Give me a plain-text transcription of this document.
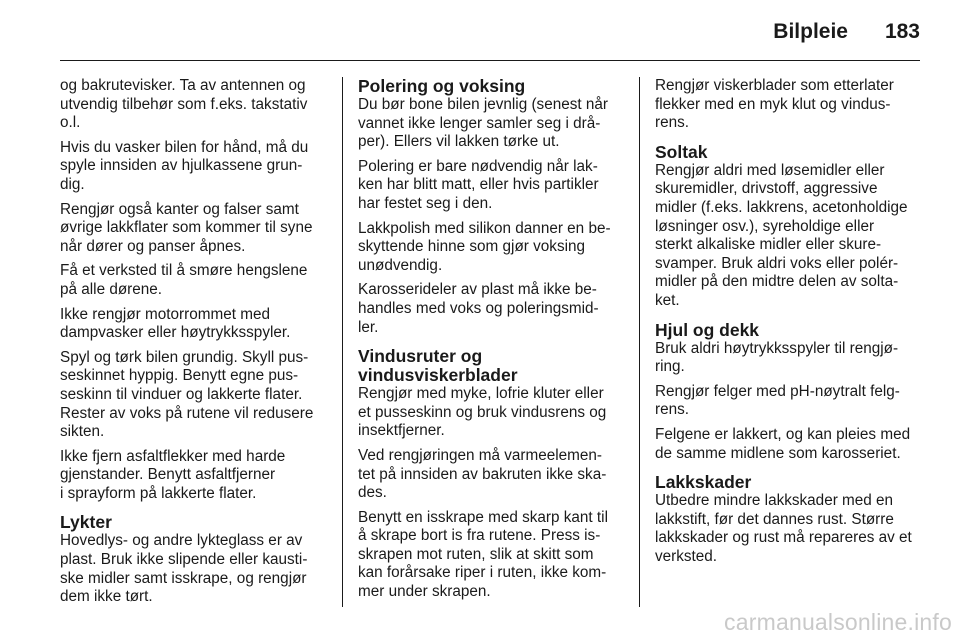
Bilpleie 183
og bakrutevisker. Ta av antennen og
utvendig tilbehør som f.eks. takstativ
o.l.
Hvis du vasker bilen for hånd, må du
spyle innsiden av hjulkassene grun-
dig.
Rengjør også kanter og falser samt
øvrige lakkflater som kommer til syne
når dører og panser åpnes.
Få et verksted til å smøre hengslene
på alle dørene.
Ikke rengjør motorrommet med
dampvasker eller høytrykksspyler.
Spyl og tørk bilen grundig. Skyll pus-
seskinnet hyppig. Benytt egne pus-
seskinn til vinduer og lakkerte flater.
Rester av voks på rutene vil redusere
sikten.
Ikke fjern asfaltflekker med harde
gjenstander. Benytt asfaltfjerner
i sprayform på lakkerte flater.
Lykter
Hovedlys- og andre lykteglass er av
plast. Bruk ikke slipende eller kausti-
ske midler samt isskrape, og rengjør
dem ikke tørt.
Polering og voksing
Du bør bone bilen jevnlig (senest når
vannet ikke lenger samler seg i drå-
per). Ellers vil lakken tørke ut.
Polering er bare nødvendig når lak-
ken har blitt matt, eller hvis partikler
har festet seg i den.
Lakkpolish med silikon danner en be-
skyttende hinne som gjør voksing
unødvendig.
Karosserideler av plast må ikke be-
handles med voks og poleringsmid-
ler.
Vindusruter og
vindusviskerblader
Rengjør med myke, lofrie kluter eller
et pusseskinn og bruk vindusrens og
insektfjerner.
Ved rengjøringen må varmeelemen-
tet på innsiden av bakruten ikke ska-
des.
Benytt en isskrape med skarp kant til
å skrape bort is fra rutene. Press is-
skrapen mot ruten, slik at skitt som
kan forårsake riper i ruten, ikke kom-
mer under skrapen.
Rengjør viskerblader som etterlater
flekker med en myk klut og vindus-
rens.
Soltak
Rengjør aldri med løsemidler eller
skuremidler, drivstoff, aggressive
midler (f.eks. lakkrens, acetonholdige
løsninger osv.), syreholdige eller
sterkt alkaliske midler eller skure-
svamper. Bruk aldri voks eller polér-
midler på den midtre delen av solta-
ket.
Hjul og dekk
Bruk aldri høytrykksspyler til rengjø-
ring.
Rengjør felger med pH-nøytralt felg-
rens.
Felgene er lakkert, og kan pleies med
de samme midlene som karosseriet.
Lakkskader
Utbedre mindre lakkskader med en
lakkstift, før det dannes rust. Større
lakkskader og rust må repareres av et
verksted.
carmanualsonline.info
